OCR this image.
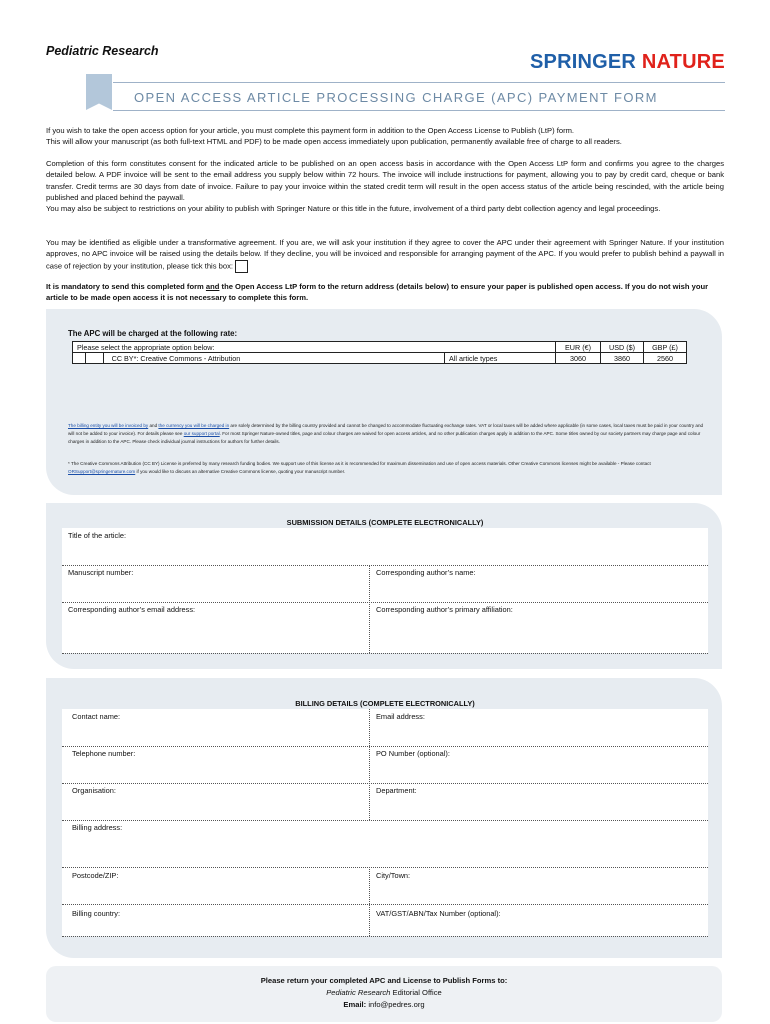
Pediatric Research	SPRINGER NATURE
OPEN ACCESS ARTICLE PROCESSING CHARGE (APC) PAYMENT FORM
If you wish to take the open access option for your article, you must complete this payment form in addition to the Open Access License to Publish (LtP) form.
This will allow your manuscript (as both full-text HTML and PDF) to be made open access immediately upon publication, permanently available free of charge to all readers.
Completion of this form constitutes consent for the indicated article to be published on an open access basis in accordance with the Open Access LtP form and confirms you agree to the charges detailed below. A PDF invoice will be sent to the email address you supply below within 72 hours. The invoice will include instructions for payment, allowing you to pay by credit card, cheque or bank transfer. Credit terms are 30 days from date of invoice. Failure to pay your invoice within the stated credit term will result in the open access status of the article being rescinded, with the article being published and placed behind the paywall.
You may also be subject to restrictions on your ability to publish with Springer Nature or this title in the future, involvement of a third party debt collection agency and legal proceedings.
You may be identified as eligible under a transformative agreement. If you are, we will ask your institution if they agree to cover the APC under their agreement with Springer Nature. If your institution approves, no APC invoice will be raised using the details below. If they decline, you will be invoiced and responsible for arranging payment of the APC. If you would prefer to publish behind a paywall in case of rejection by your institution, please tick this box:
It is mandatory to send this completed form and the Open Access LtP form to the return address (details below) to ensure your paper is published open access. If you do not wish your article to be made open access it is not necessary to complete this form.
The APC will be charged at the following rate:
Please select the appropriate option below:				EUR (€)	USD ($)	GBP (£)
		CC BY*: Creative Commons - Attribution	All article types	3060	3860	2560
The billing entity you will be invoiced by and the currency you will be charged in are solely determined by the billing country provided and cannot be changed to accommodate fluctuating exchange rates. VAT or local taxes will be added where applicable (in some cases, local taxes must be paid in your country and will not be added to your invoice). For details please see our support portal. For most Springer Nature-owned titles, page and colour charges are waived for open access articles, and no other publication charges apply in addition to the APC. Some titles owned by our society partners may charge page and colour charges in addition to the APC. Please check individual journal instructions for authors for further details.
* The Creative Commons Attribution (CC BY) License is preferred by many research funding bodies. We support use of this license as it is recommended for maximum dissemination and use of open access materials. Other Creative Commons licenses might be available - Please contact ORSupport@springernature.com if you would like to discuss an alternative Creative Commons license, quoting your manuscript number.
SUBMISSION DETAILS (COMPLETE ELECTRONICALLY)
Title of the article:
Manuscript number:	Corresponding author’s name:
Corresponding author’s email address:	Corresponding author’s primary affiliation:
BILLING DETAILS (COMPLETE ELECTRONICALLY)
Contact name:	Email address:
Telephone number:	PO Number (optional):
Organisation:	Department:
Billing address:
Postcode/ZIP:	City/Town:
Billing country:	VAT/GST/ABN/Tax Number (optional):
Please return your completed APC and License to Publish Forms to:
Pediatric Research Editorial Office
Email: info@pedres.org
